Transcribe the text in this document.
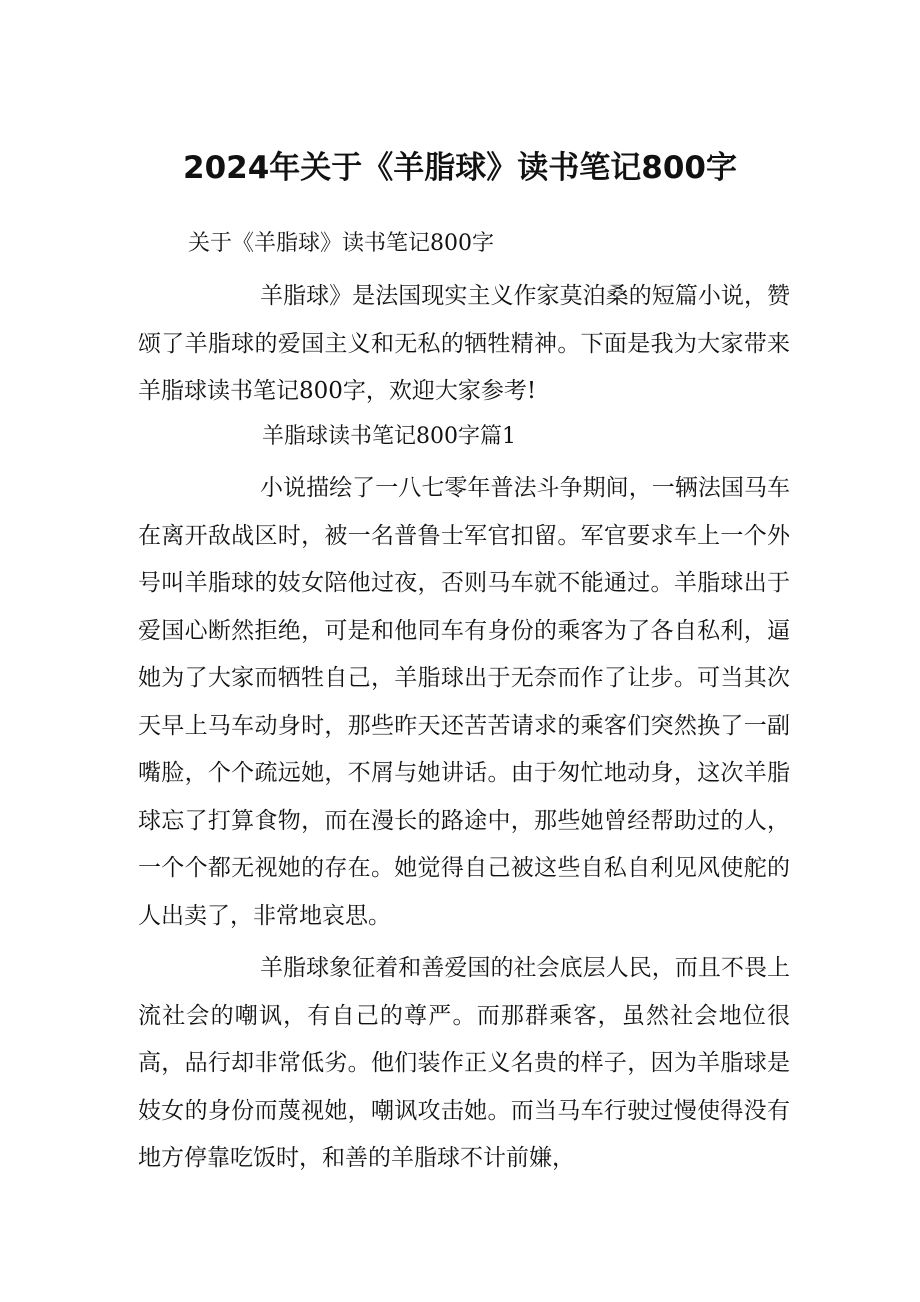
2024年关于《羊脂球》读书笔记800字

关于《羊脂球》读书笔记800字

羊脂球》是法国现实主义作家莫泊桑的短篇小说，赞颂了羊脂球的爱国主义和无私的牺牲精神。下面是我为大家带来羊脂球读书笔记800字，欢迎大家参考!

羊脂球读书笔记800字篇1

小说描绘了一八七零年普法斗争期间，一辆法国马车在离开敌战区时，被一名普鲁士军官扣留。军官要求车上一个外号叫羊脂球的妓女陪他过夜，否则马车就不能通过。羊脂球出于爱国心断然拒绝，可是和他同车有身份的乘客为了各自私利，逼她为了大家而牺牲自己，羊脂球出于无奈而作了让步。可当其次天早上马车动身时，那些昨天还苦苦请求的乘客们突然换了一副嘴脸，个个疏远她，不屑与她讲话。由于匆忙地动身，这次羊脂球忘了打算食物，而在漫长的路途中，那些她曾经帮助过的人，一个个都无视她的存在。她觉得自己被这些自私自利见风使舵的人出卖了，非常地哀思。

羊脂球象征着和善爱国的社会底层人民，而且不畏上流社会的嘲讽，有自己的尊严。而那群乘客，虽然社会地位很高，品行却非常低劣。他们装作正义名贵的样子，因为羊脂球是妓女的身份而蔑视她，嘲讽攻击她。而当马车行驶过慢使得没有地方停靠吃饭时，和善的羊脂球不计前嫌，
